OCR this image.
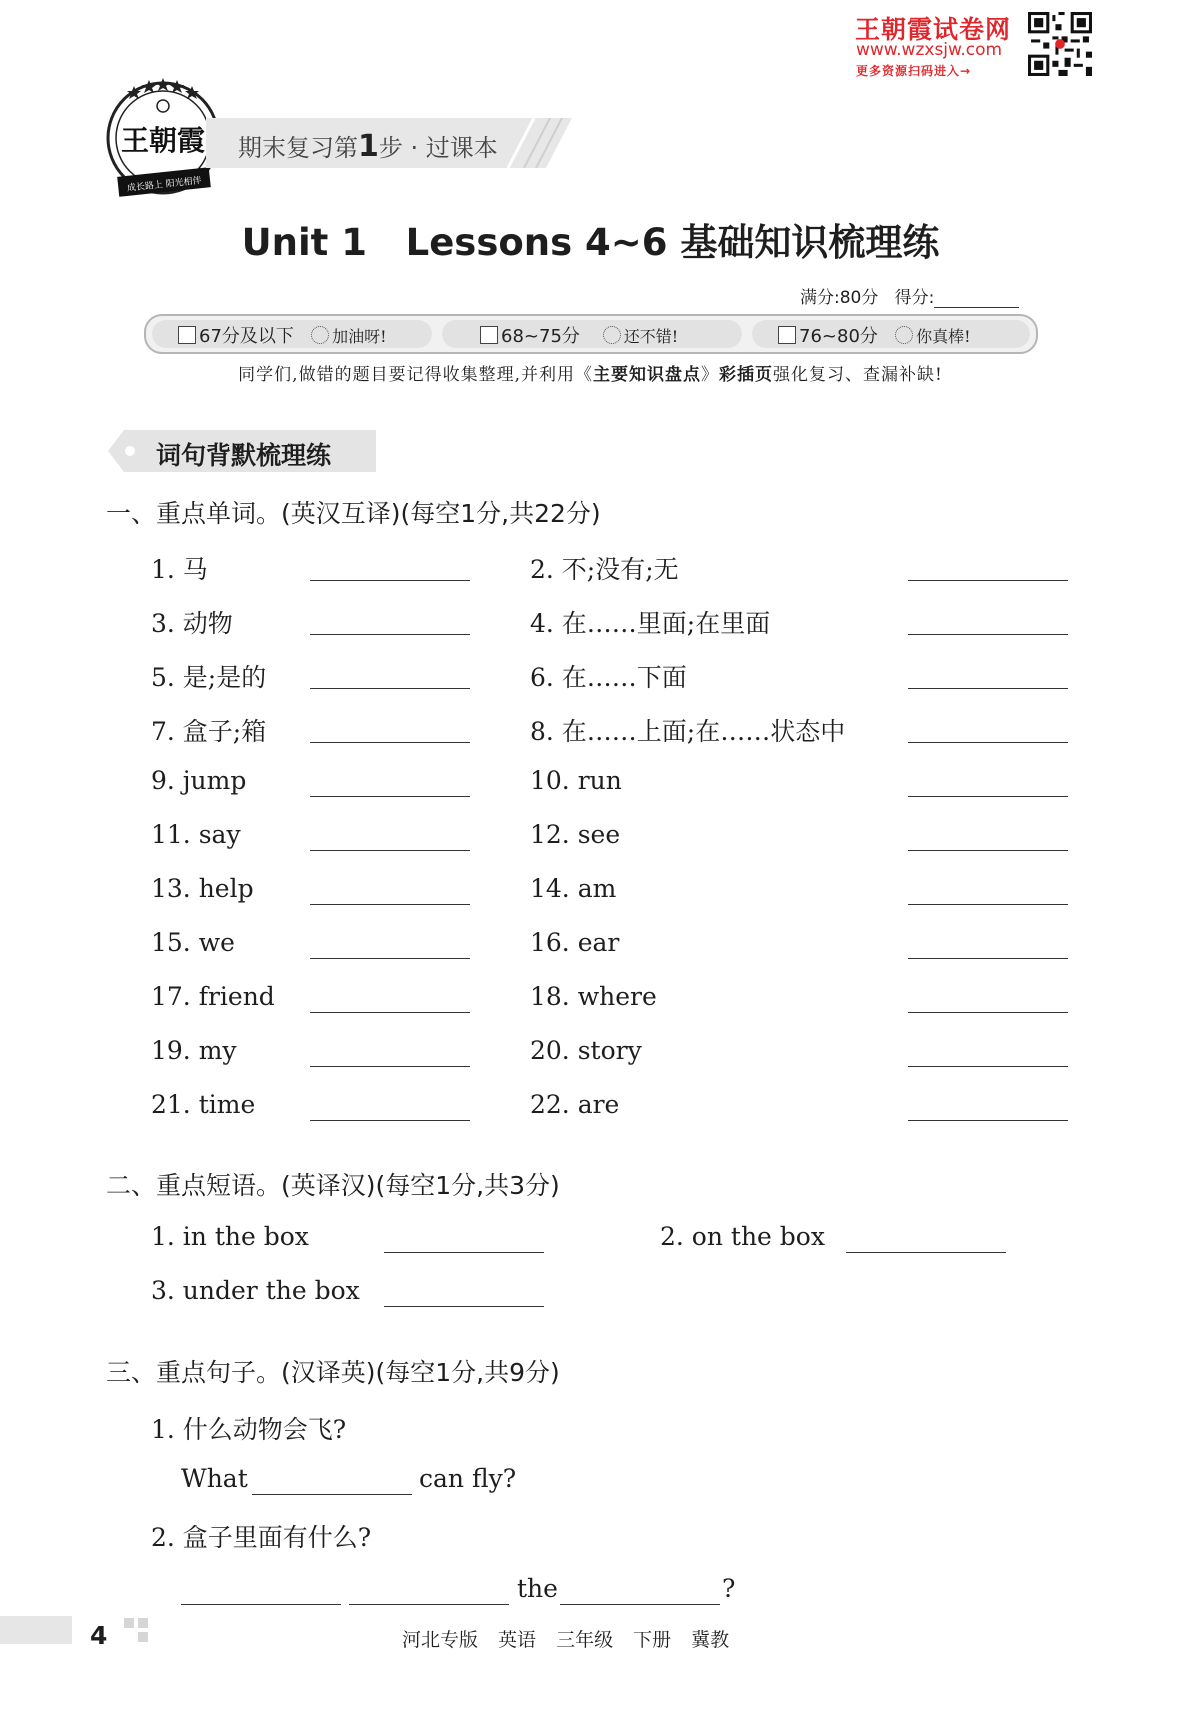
王朝霞试卷网
www.wzxsjw.com
更多资源扫码进入→
王朝霞
成长路上 阳光相伴
期末复习第1步 · 过课本
Unit 1   Lessons 4~6 基础知识梳理练
满分:80分 得分:
67分及以下
加油呀!	68~75分
	还不错!	76~80分
你真棒!
同学们,做错的题目要记得收集整理,并利用《主要知识盘点》彩插页强化复习、查漏补缺!
词句背默梳理练
一、重点单词。(英汉互译)(每空1分,共22分)
1. 马	2. 不;没有;无
3. 动物	4. 在……里面;在里面
5. 是;是的	6. 在……下面
7. 盒子;箱	8. 在……上面;在……状态中
9. jump	10. run
11. say	12. see
13. help	14. am
15. we	16. ear
17. friend	18. where
19. my	20. story
21. time	22. are
二、重点短语。(英译汉)(每空1分,共3分)
1. in the box	2. on the box
3. under the box
三、重点句子。(汉译英)(每空1分,共9分)
1. 什么动物会飞?
What	can fly?
2. 盒子里面有什么?
the	?
4	河北专版 英语 三年级 下册 冀教
